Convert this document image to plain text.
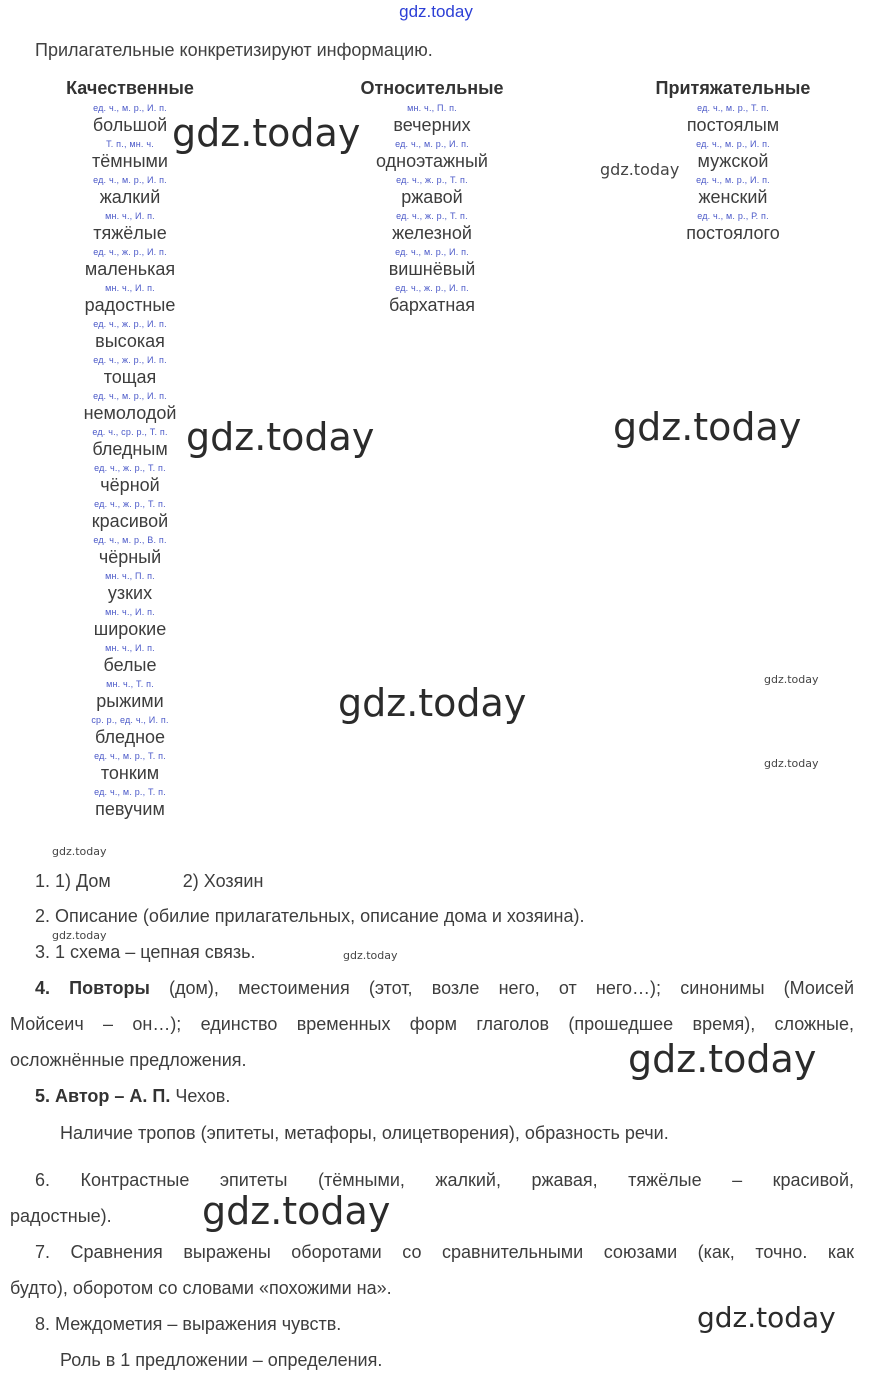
gdz.today
Прилагательные конкретизируют информацию.
Качественные
ед. ч., м. р., И. п.
большой
Т. п., мн. ч.
тёмными
ед. ч., м. р., И. п.
жалкий
мн. ч., И. п.
тяжёлые
ед. ч., ж. р., И. п.
маленькая
мн. ч., И. п.
радостные
ед. ч., ж. р., И. п.
высокая
ед. ч., ж. р., И. п.
тощая
ед. ч., м. р., И. п.
немолодой
ед. ч., ср. р., Т. п.
бледным
ед. ч., ж. р., Т. п.
чёрной
ед. ч., ж. р., Т. п.
красивой
ед. ч., м. р., В. п.
чёрный
мн. ч., П. п.
узких
мн. ч., И. п.
широкие
мн. ч., И. п.
белые
мн. ч., Т. п.
рыжими
ср. р., ед. ч., И. п.
бледное
ед. ч., м. р., Т. п.
тонким
ед. ч., м. р., Т. п.
певучим
Относительные
мн. ч., П. п.
вечерних
ед. ч., м. р., И. п.
одноэтажный
ед. ч., ж. р., Т. п.
ржавой
ед. ч., ж. р., Т. п.
железной
ед. ч., м. р., И. п.
вишнёвый
ед. ч., ж. р., И. п.
бархатная
Притяжательные
ед. ч., м. р., Т. п.
постоялым
ед. ч., м. р., И. п.
мужской
ед. ч., м. р., И. п.
женский
ед. ч., м. р., Р. п.
постоялого
gdz.today
gdz.today
gdz.today	gdz.today
gdz.today
gdz.today
gdz.today
gdz.today
gdz.today
gdz.today
gdz.today
gdz.today
gdz.today
1. 1) Дом	2) Хозяин
2. Описание (обилие прилагательных, описание дома и хозяина).
3. 1 схема – цепная связь.
4. Повторы (дом), местоимения (этот, возле него, от него…); синонимы (Моисей
Мойсеич – он…); единство временных форм глаголов (прошедшее время), сложные,
осложнённые предложения.
5. Автор – А. П. Чехов.
Наличие тропов (эпитеты, метафоры, олицетворения), образность речи.
6. Контрастные эпитеты (тёмными, жалкий, ржавая, тяжёлые – красивой,
радостные).
7. Сравнения выражены оборотами со сравнительными союзами (как, точно. как
будто), оборотом со словами «похожими на».
8. Междометия – выражения чувств.
Роль в 1 предложении – определения.
